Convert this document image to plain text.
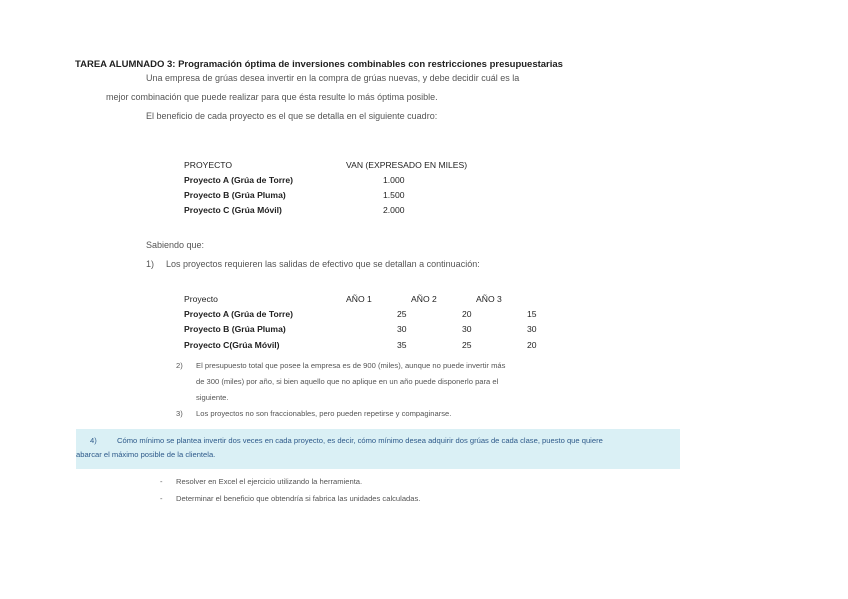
TAREA ALUMNADO 3: Programación óptima de inversiones combinables con restricciones presupuestarias
Una empresa de grúas desea invertir en la compra de grúas nuevas, y debe decidir cuál es la
mejor combinación que puede realizar para que ésta resulte lo más óptima posible.
El beneficio de cada proyecto es el que se detalla en el siguiente cuadro:
PROYECTO	VAN (EXPRESADO EN MILES)
Proyecto A (Grúa de Torre)	1.000
Proyecto B (Grúa Pluma)	1.500
Proyecto C (Grúa Móvil)	2.000
Sabiendo que:
1) Los proyectos requieren las salidas de efectivo que se detallan a continuación:
Proyecto	AÑO 1	AÑO 2	AÑO 3
Proyecto A (Grúa de Torre)	25	20	15
Proyecto B (Grúa Pluma)	30	30	30
Proyecto C(Grúa Móvil)	35	25	20
2) El presupuesto total que posee la empresa es de 900 (miles), aunque no puede invertir más
de 300 (miles) por año, si bien aquello que no aplique en un año puede disponerlo para el
siguiente.
3) Los proyectos no son fraccionables, pero pueden repetirse y compaginarse.
4)	Cómo mínimo se plantea invertir dos veces en cada proyecto, es decir, cómo mínimo desea adquirir dos grúas de cada clase, puesto que quiere
abarcar el máximo posible de la clientela.
- Resolver en Excel el ejercicio utilizando la herramienta.
- Determinar el beneficio que obtendría si fabrica las unidades calculadas.
